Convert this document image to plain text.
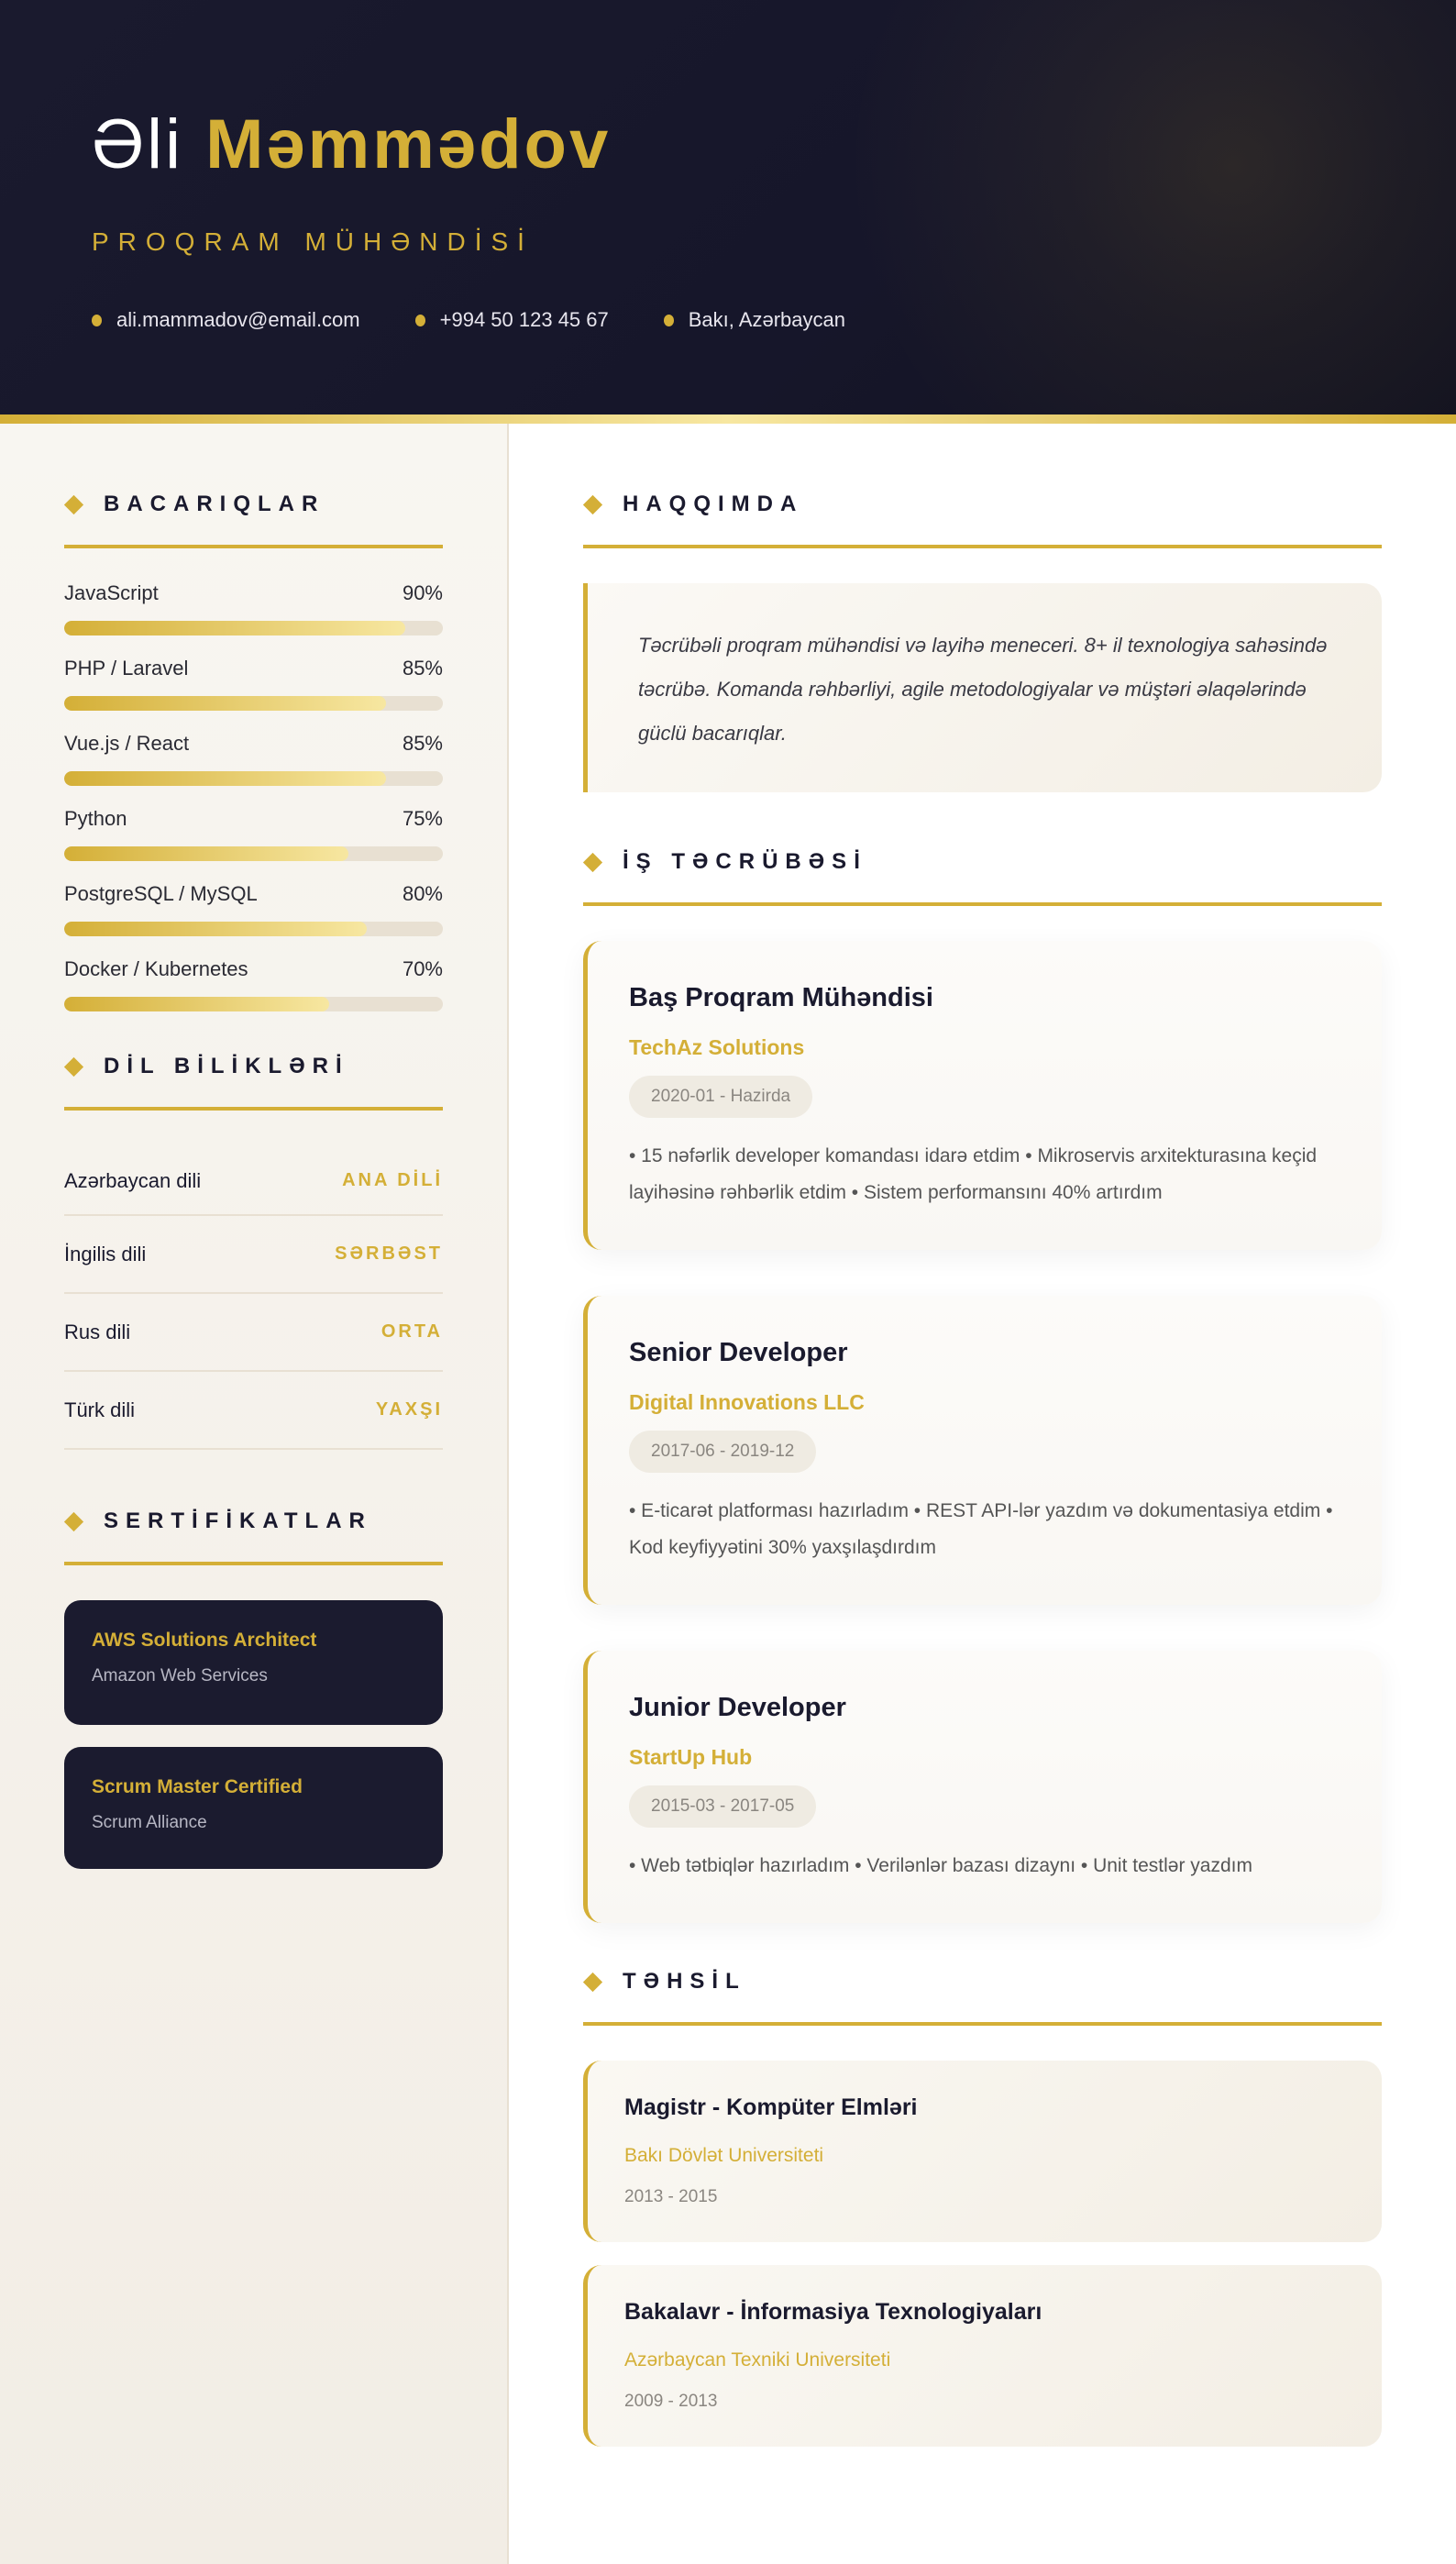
Əli Məmmədov
PROQRAM MÜHƏNDİSİ
ali.mammadov@email.com	+994 50 123 45 67	Bakı, Azərbaycan
BACARIQLAR
JavaScript	90%
PHP / Laravel	85%
Vue.js / React	85%
Python	75%
PostgreSQL / MySQL	80%
Docker / Kubernetes	70%
DİL BİLİKLƏRİ
Azərbaycan dili	ANA DİLİ
İngilis dili	SƏRBƏST
Rus dili	ORTA
Türk dili	YAXŞI
SERTİFİKATLAR
AWS Solutions Architect
Amazon Web Services
Scrum Master Certified
Scrum Alliance
HAQQIMDA
Təcrübəli proqram mühəndisi və layihə meneceri. 8+ il texnologiya sahəsində təcrübə. Komanda rəhbərliyi, agile metodologiyalar və müştəri əlaqələrində güclü bacarıqlar.
İŞ TƏCRÜBƏSİ
Baş Proqram Mühəndisi
TechAz Solutions
2020-01 - Hazirda
• 15 nəfərlik developer komandası idarə etdim • Mikroservis arxitekturasına keçid layihəsinə rəhbərlik etdim • Sistem performansını 40% artırdım
Senior Developer
Digital Innovations LLC
2017-06 - 2019-12
• E-ticarət platforması hazırladım • REST API-lər yazdım və dokumentasiya etdim • Kod keyfiyyətini 30% yaxşılaşdırdım
Junior Developer
StartUp Hub
2015-03 - 2017-05
• Web tətbiqlər hazırladım • Verilənlər bazası dizaynı • Unit testlər yazdım
TƏHSİL
Magistr - Kompüter Elmləri
Bakı Dövlət Universiteti
2013 - 2015
Bakalavr - İnformasiya Texnologiyaları
Azərbaycan Texniki Universiteti
2009 - 2013
